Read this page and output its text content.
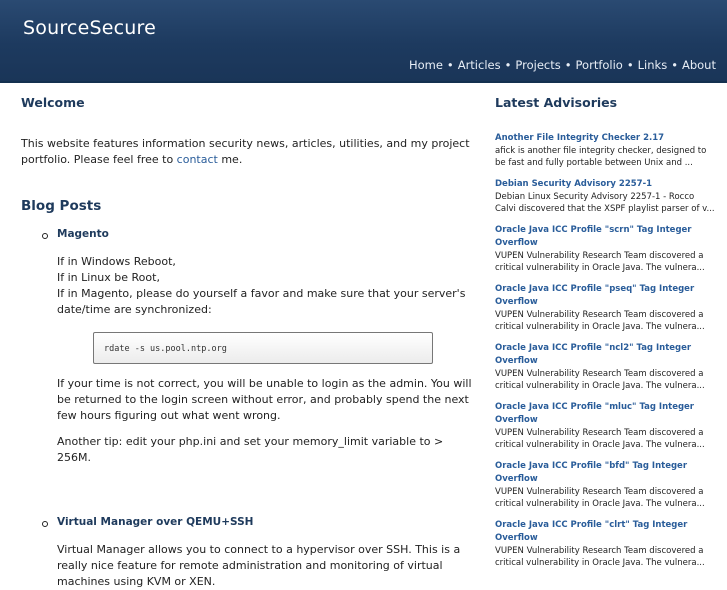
SourceSecure
Home • Articles • Projects • Portfolio • Links • About
Welcome
This website features information security news, articles, utilities, and my project portfolio. Please feel free to contact me.
Blog Posts
Magento

If in Windows Reboot,

If in Linux be Root,

If in Magento, please do yourself a favor and make sure that your server's date/time are synchronized:

rdate -s us.pool.ntp.org

If your time is not correct, you will be unable to login as the admin. You will be returned to the login screen without error, and probably spend the next few hours figuring out what went wrong.

Another tip: edit your php.ini and set your memory_limit variable to > 256M.

Virtual Manager over QEMU+SSH

Virtual Manager allows you to connect to a hypervisor over SSH. This is a really nice feature for remote administration and monitoring of virtual machines using KVM or XEN.

Latest Advisories
Another File Integrity Checker 2.17
afick is another file integrity checker, designed to be fast and fully portable between Unix and ...
Debian Security Advisory 2257-1
Debian Linux Security Advisory 2257-1 - Rocco Calvi discovered that the XSPF playlist parser of v...
Oracle Java ICC Profile "scrn" Tag Integer Overflow
VUPEN Vulnerability Research Team discovered a critical vulnerability in Oracle Java. The vulnera...
Oracle Java ICC Profile "pseq" Tag Integer Overflow
VUPEN Vulnerability Research Team discovered a critical vulnerability in Oracle Java. The vulnera...
Oracle Java ICC Profile "ncl2" Tag Integer Overflow
VUPEN Vulnerability Research Team discovered a critical vulnerability in Oracle Java. The vulnera...
Oracle Java ICC Profile "mluc" Tag Integer Overflow
VUPEN Vulnerability Research Team discovered a critical vulnerability in Oracle Java. The vulnera...
Oracle Java ICC Profile "bfd" Tag Integer Overflow
VUPEN Vulnerability Research Team discovered a critical vulnerability in Oracle Java. The vulnera...
Oracle Java ICC Profile "clrt" Tag Integer Overflow
VUPEN Vulnerability Research Team discovered a critical vulnerability in Oracle Java. The vulnera...
